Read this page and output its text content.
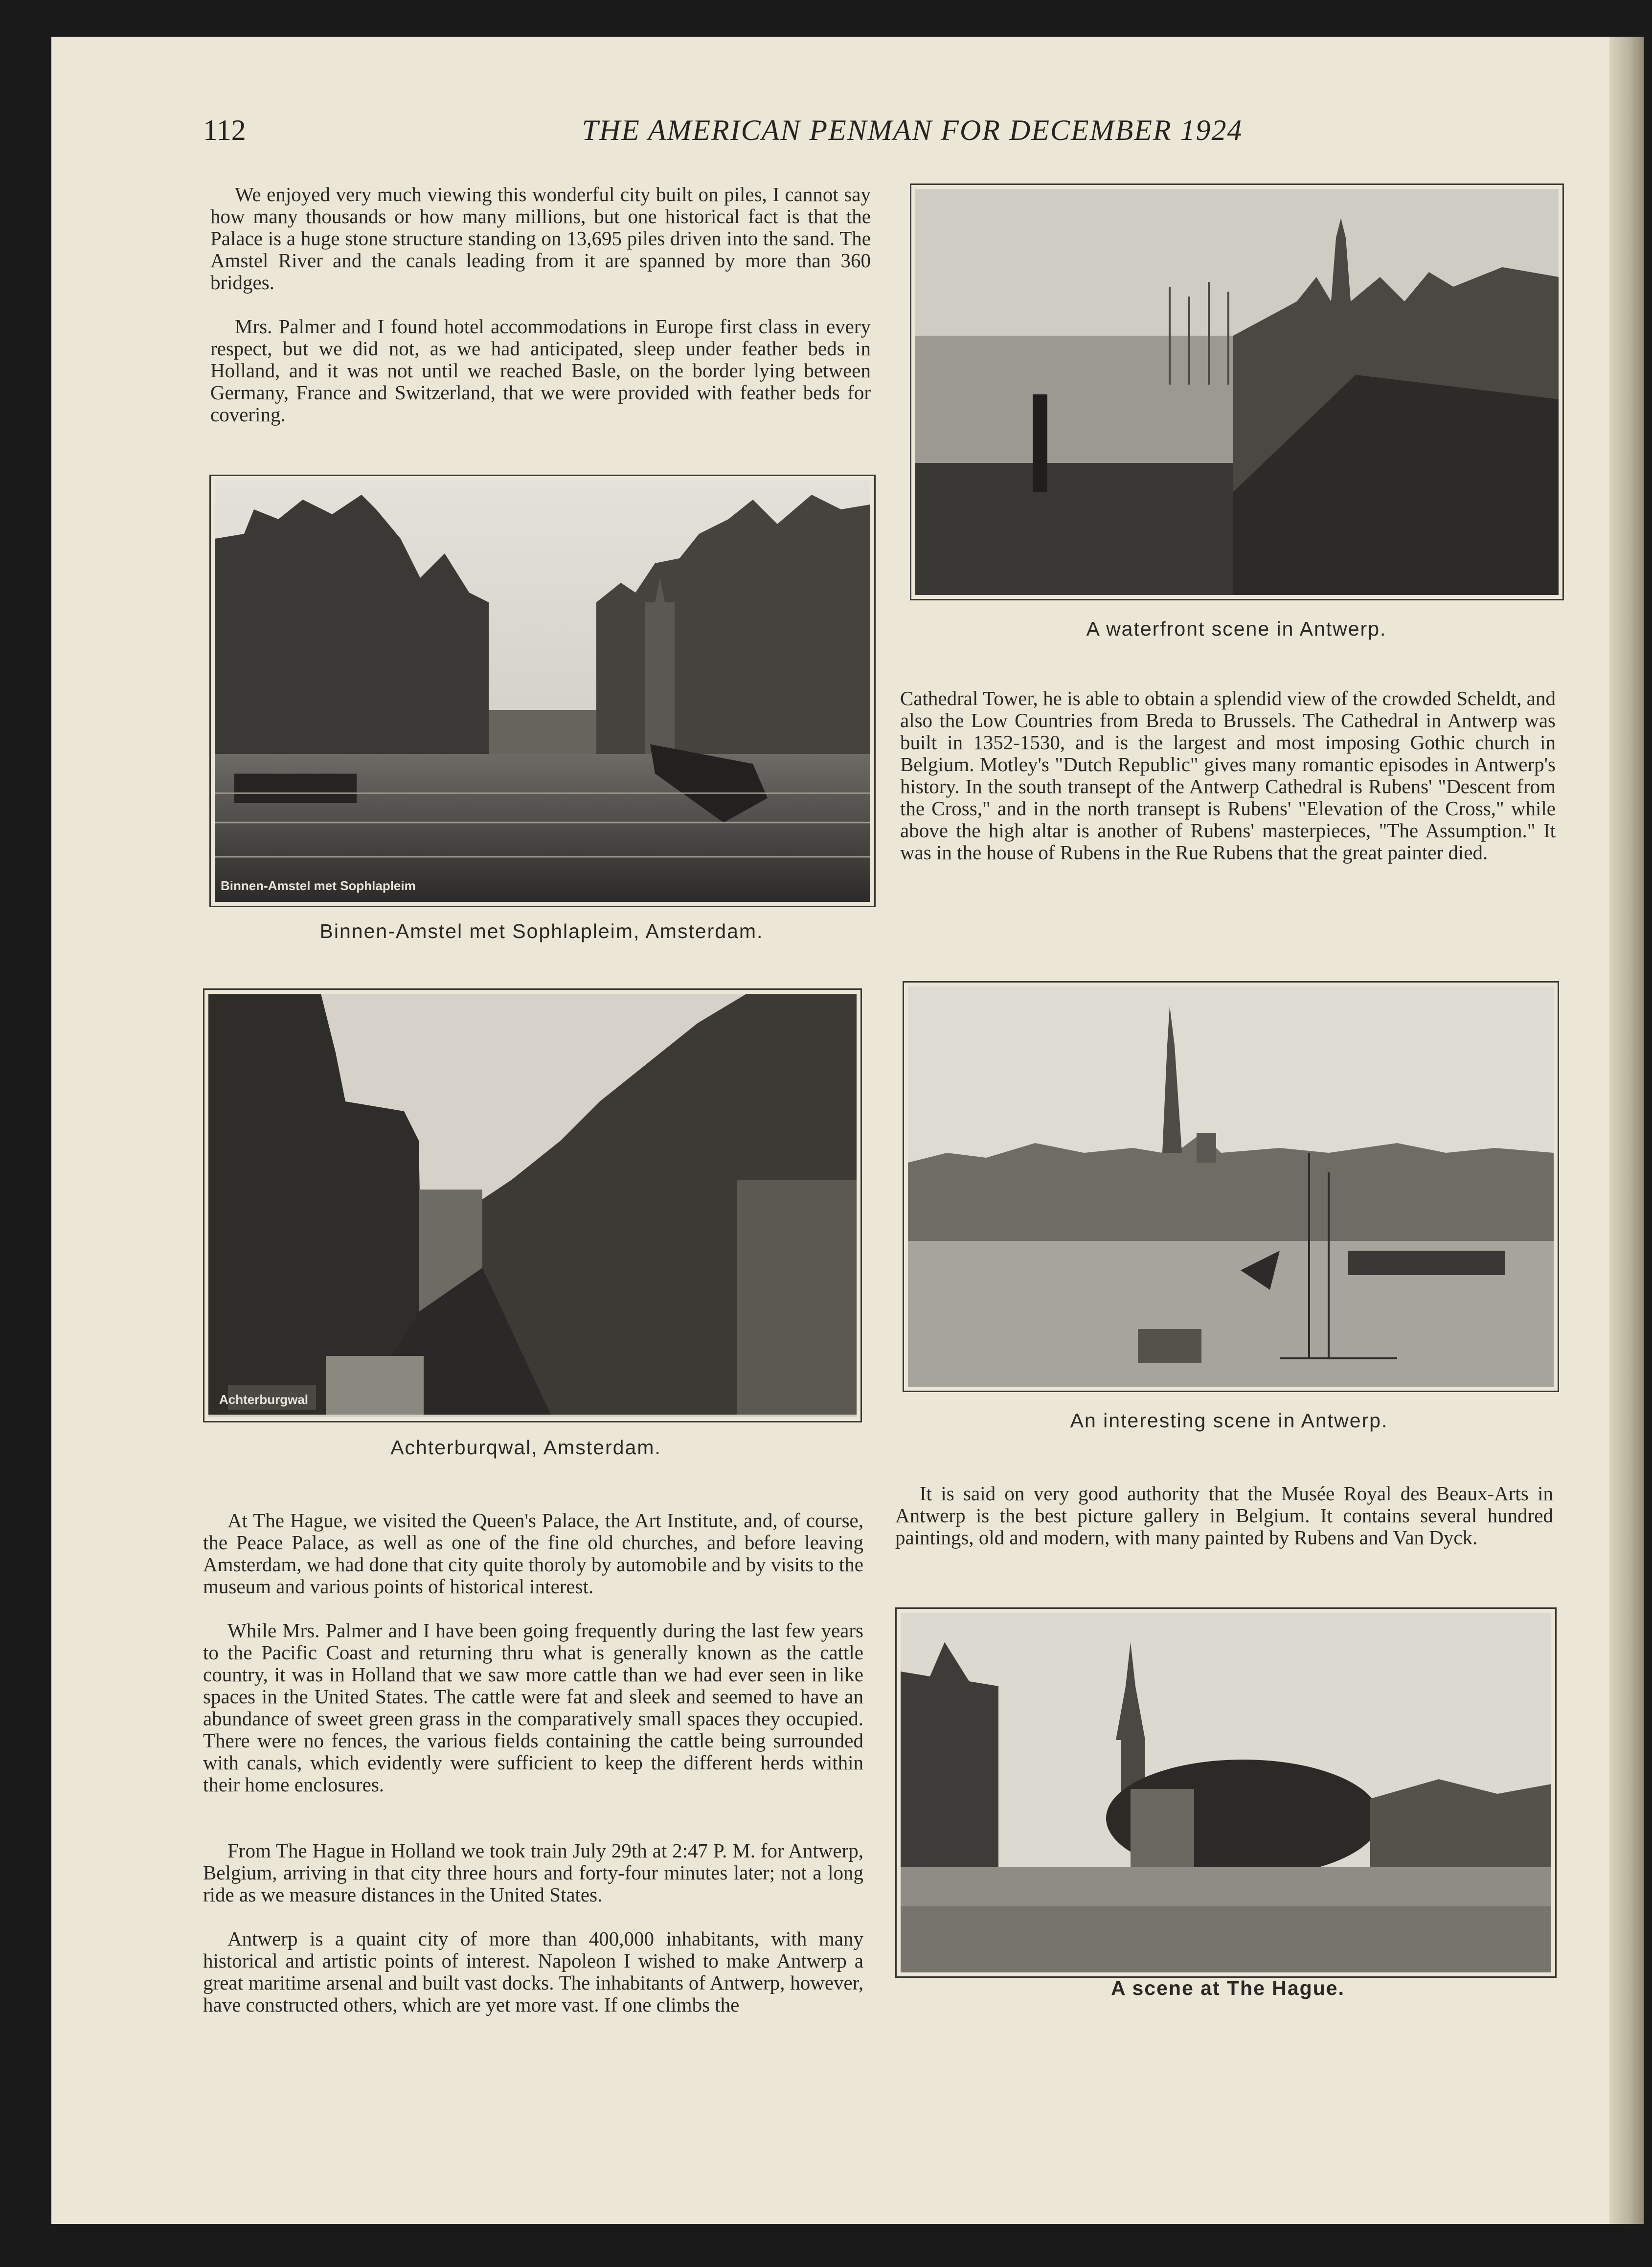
112	THE AMERICAN PENMAN FOR DECEMBER 1924
We enjoyed very much viewing this wonderful city built on piles, I cannot say how many thousands or how many millions, but one historical fact is that the Palace is a huge stone structure standing on 13,695 piles driven into the sand. The Amstel River and the canals leading from it are spanned by more than 360 bridges.
Mrs. Palmer and I found hotel accommodations in Europe first class in every respect, but we did not, as we had anticipated, sleep under feather beds in Holland, and it was not until we reached Basle, on the border lying between Germany, France and Switzerland, that we were provided with feather beds for covering.
Binnen-Amstel met Sophlapleim
Binnen-Amstel met Sophlapleim, Amsterdam.
Achterburgwal
Achterburqwal, Amsterdam.
At The Hague, we visited the Queen's Palace, the Art Institute, and, of course, the Peace Palace, as well as one of the fine old churches, and before leaving Amsterdam, we had done that city quite thoroly by automobile and by visits to the museum and various points of historical interest.
While Mrs. Palmer and I have been going frequently during the last few years to the Pacific Coast and returning thru what is generally known as the cattle country, it was in Holland that we saw more cattle than we had ever seen in like spaces in the United States. The cattle were fat and sleek and seemed to have an abundance of sweet green grass in the comparatively small spaces they occupied. There were no fences, the various fields containing the cattle being surrounded with canals, which evidently were sufficient to keep the different herds within their home enclosures.
From The Hague in Holland we took train July 29th at 2:47 P. M. for Antwerp, Belgium, arriving in that city three hours and forty-four minutes later; not a long ride as we measure distances in the United States.
Antwerp is a quaint city of more than 400,000 inhabitants, with many historical and artistic points of interest. Napoleon I wished to make Antwerp a great maritime arsenal and built vast docks. The inhabitants of Antwerp, however, have constructed others, which are yet more vast. If one climbs the
A waterfront scene in Antwerp.
Cathedral Tower, he is able to obtain a splendid view of the crowded Scheldt, and also the Low Countries from Breda to Brussels. The Cathedral in Antwerp was built in 1352-1530, and is the largest and most imposing Gothic church in Belgium. Motley's "Dutch Republic" gives many romantic episodes in Antwerp's history. In the south transept of the Antwerp Cathedral is Rubens' "Descent from the Cross," and in the north transept is Rubens' "Elevation of the Cross," while above the high altar is another of Rubens' masterpieces, "The Assumption." It was in the house of Rubens in the Rue Rubens that the great painter died.
An interesting scene in Antwerp.
It is said on very good authority that the Musée Royal des Beaux-Arts in Antwerp is the best picture gallery in Belgium. It contains several hundred paintings, old and modern, with many painted by Rubens and Van Dyck.
A scene at The Hague.
